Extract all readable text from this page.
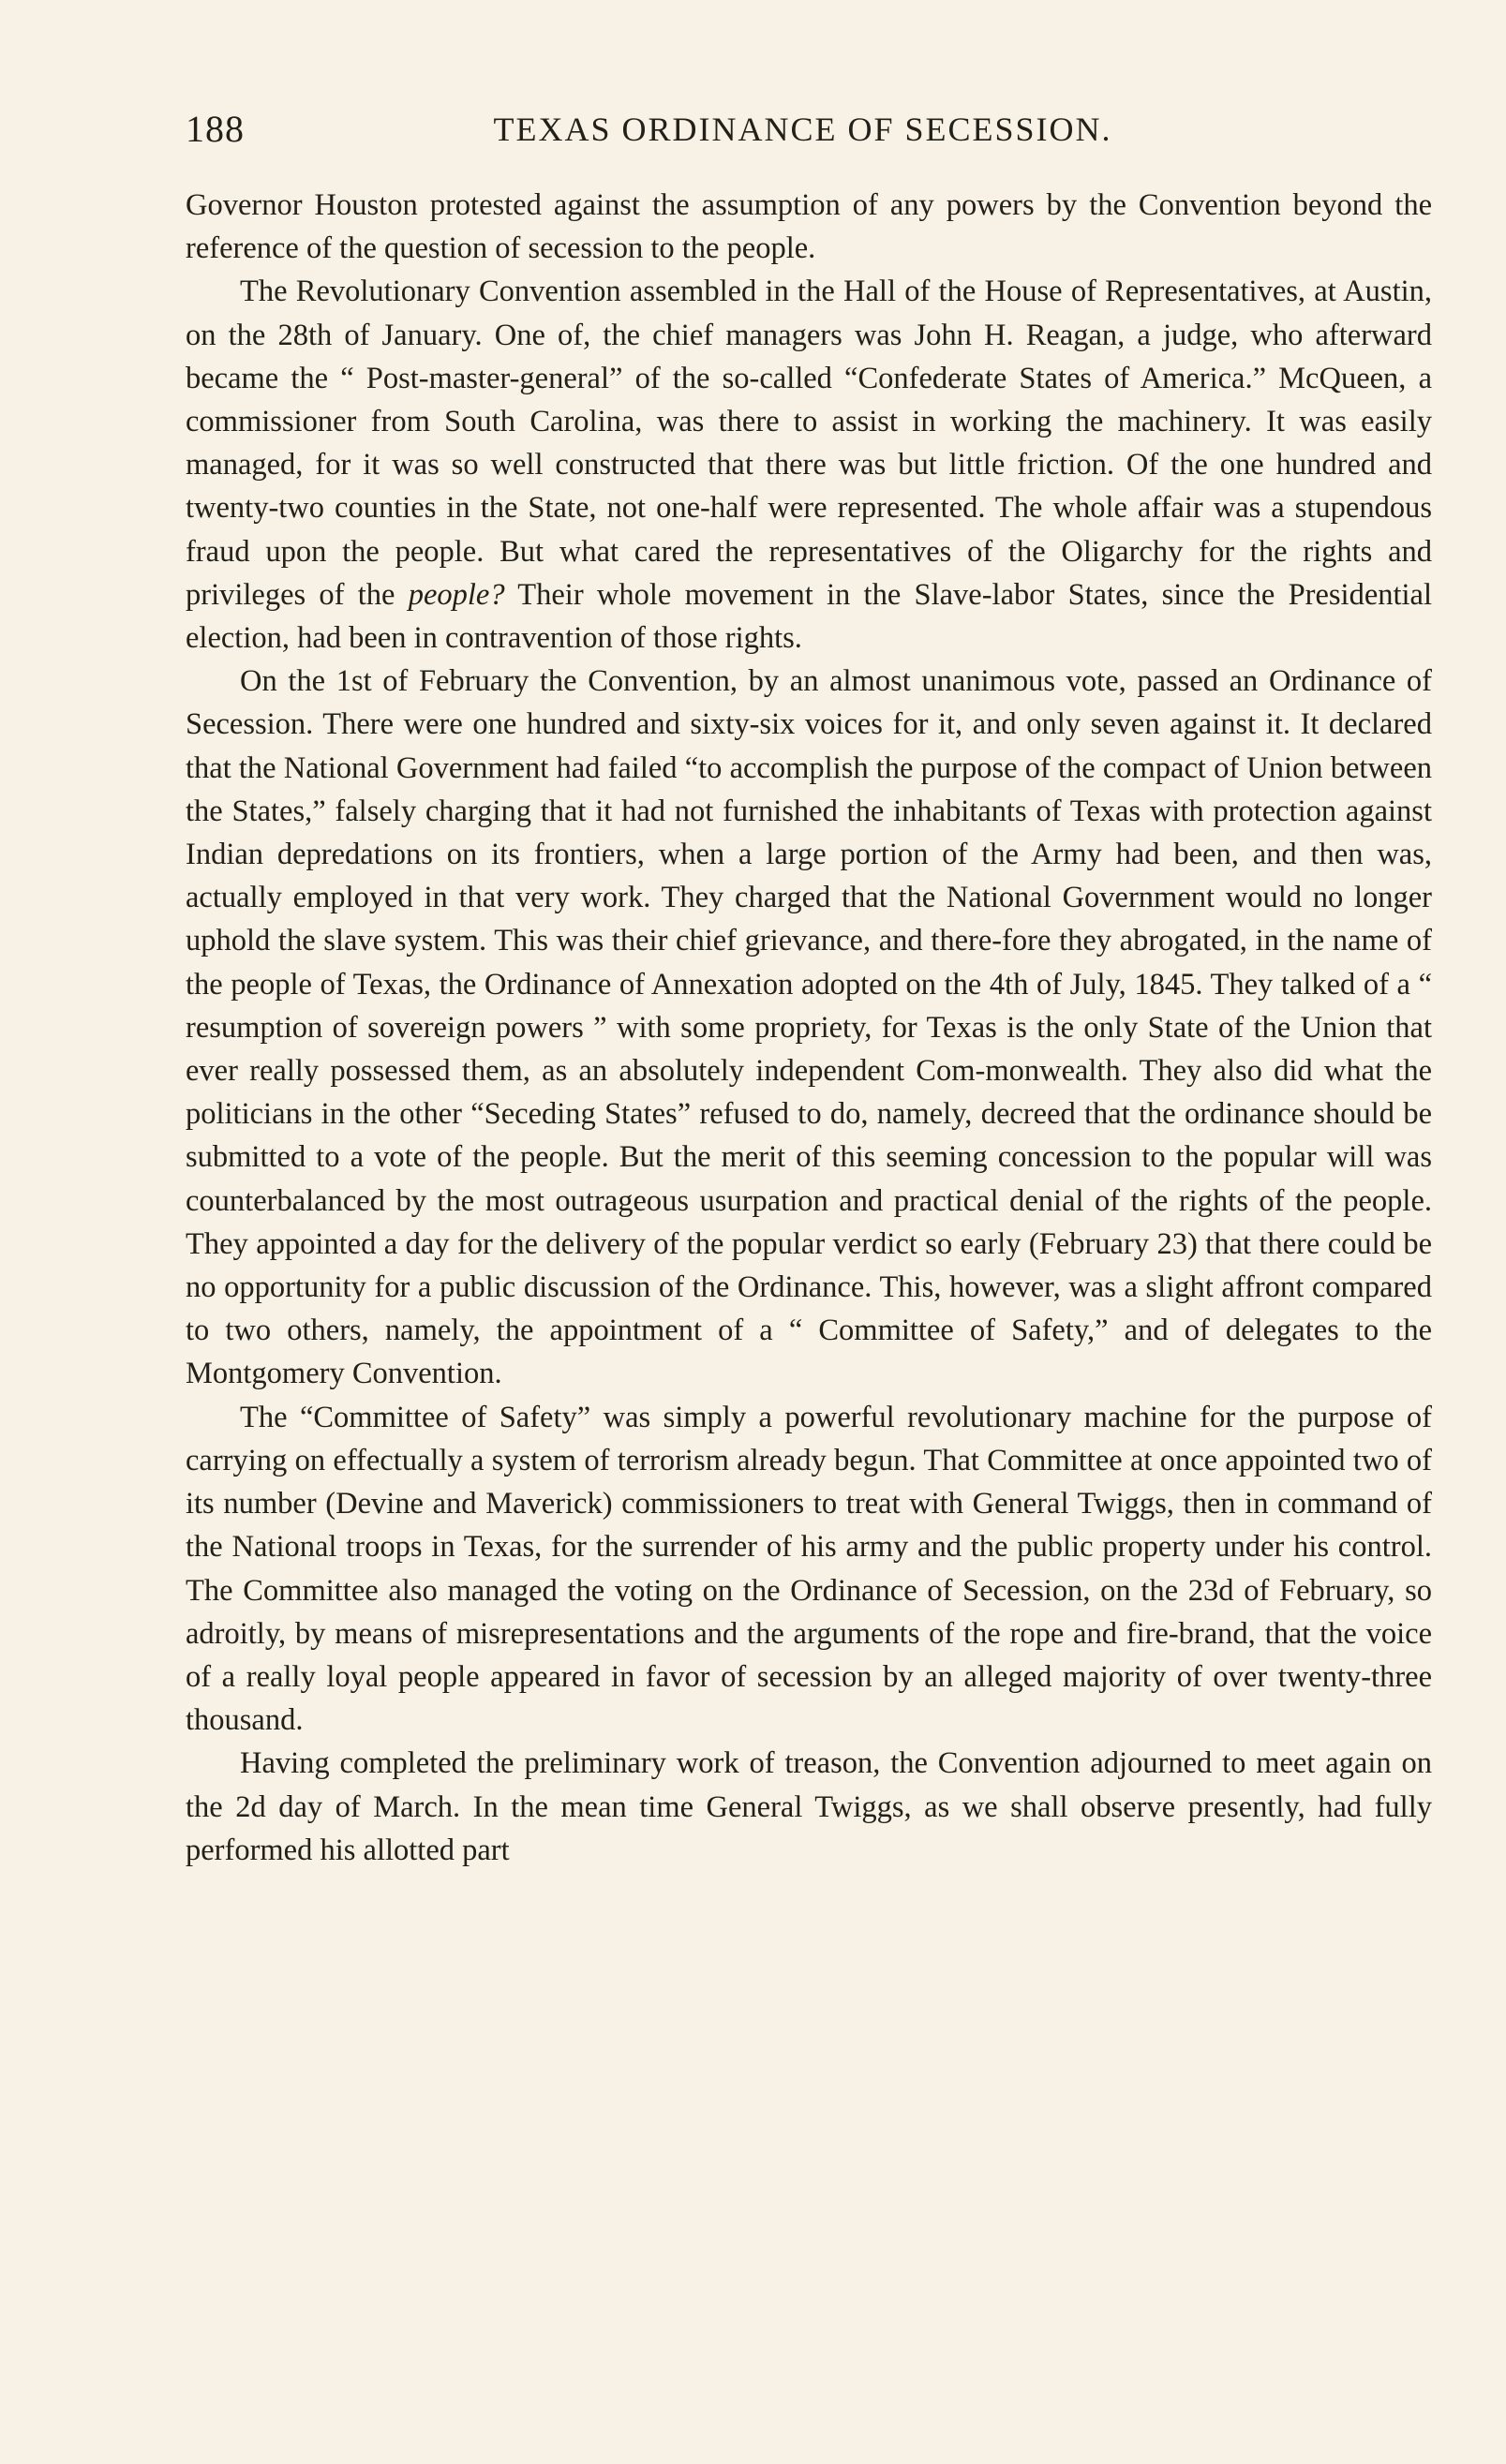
188	TEXAS ORDINANCE OF SECESSION.

Governor Houston protested against the assumption of any powers by the Convention beyond the reference of the question of secession to the people.

The Revolutionary Convention assembled in the Hall of the House of Representatives, at Austin, on the 28th of January. One of, the chief managers was John H. Reagan, a judge, who afterward became the “ Post-master-general” of the so-called “Confederate States of America.” McQueen, a commissioner from South Carolina, was there to assist in working the machinery. It was easily managed, for it was so well constructed that there was but little friction. Of the one hundred and twenty-two counties in the State, not one-half were represented. The whole affair was a stupendous fraud upon the people. But what cared the representatives of the Oligarchy for the rights and privileges of the people? Their whole movement in the Slave-labor States, since the Presidential election, had been in contravention of those rights.

On the 1st of February the Convention, by an almost unanimous vote, passed an Ordinance of Secession. There were one hundred and sixty-six voices for it, and only seven against it. It declared that the National Government had failed “to accomplish the purpose of the compact of Union between the States,” falsely charging that it had not furnished the inhabitants of Texas with protection against Indian depredations on its frontiers, when a large portion of the Army had been, and then was, actually employed in that very work. They charged that the National Government would no longer uphold the slave system. This was their chief grievance, and there-fore they abrogated, in the name of the people of Texas, the Ordinance of Annexation adopted on the 4th of July, 1845. They talked of a “ resumption of sovereign powers ” with some propriety, for Texas is the only State of the Union that ever really possessed them, as an absolutely independent Com-monwealth. They also did what the politicians in the other “Seceding States” refused to do, namely, decreed that the ordinance should be submitted to a vote of the people. But the merit of this seeming concession to the popular will was counterbalanced by the most outrageous usurpation and practical denial of the rights of the people. They appointed a day for the delivery of the popular verdict so early (February 23) that there could be no opportunity for a public discussion of the Ordinance. This, however, was a slight affront compared to two others, namely, the appointment of a “ Committee of Safety,” and of delegates to the Montgomery Convention.

The “Committee of Safety” was simply a powerful revolutionary machine for the purpose of carrying on effectually a system of terrorism already begun. That Committee at once appointed two of its number (Devine and Maverick) commissioners to treat with General Twiggs, then in command of the National troops in Texas, for the surrender of his army and the public property under his control. The Committee also managed the voting on the Ordinance of Secession, on the 23d of February, so adroitly, by means of misrepresentations and the arguments of the rope and fire-brand, that the voice of a really loyal people appeared in favor of secession by an alleged majority of over twenty-three thousand.

Having completed the preliminary work of treason, the Convention adjourned to meet again on the 2d day of March. In the mean time General Twiggs, as we shall observe presently, had fully performed his allotted part
